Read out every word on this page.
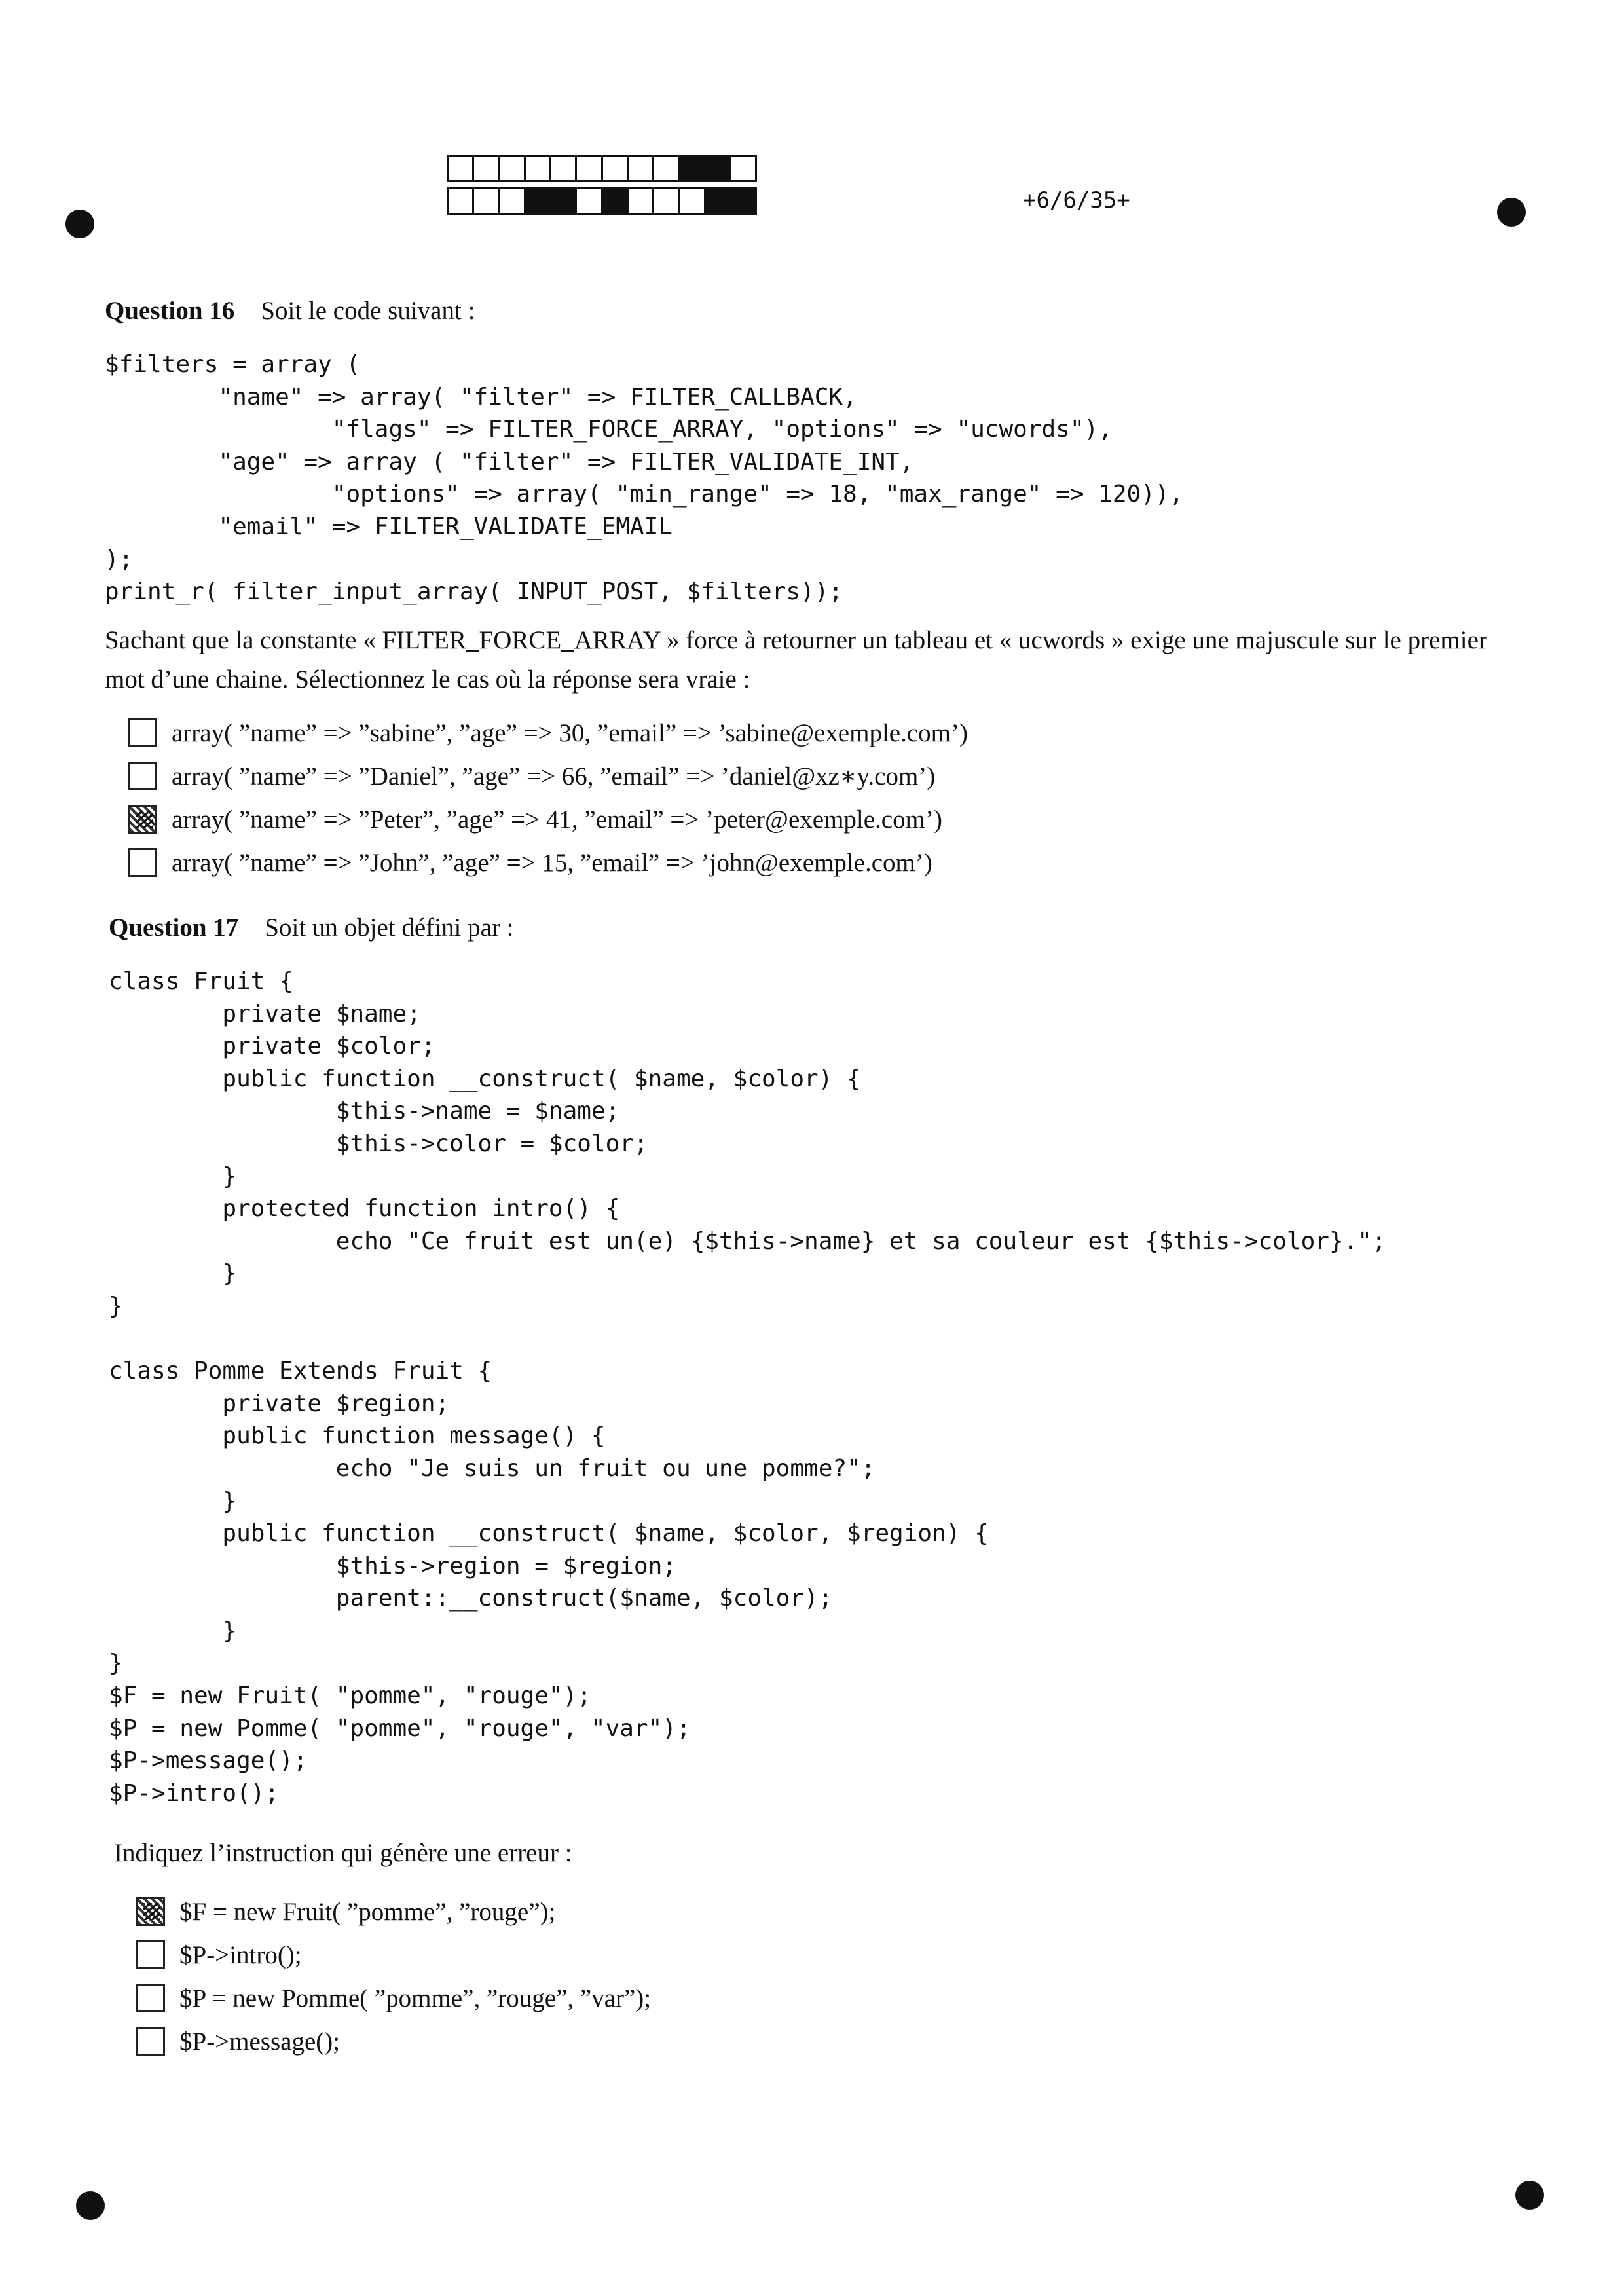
+6/6/35+
Question 16 Soit le code suivant :
$filters = array (
"name" => array( "filter" => FILTER_CALLBACK,
"flags" => FILTER_FORCE_ARRAY, "options" => "ucwords"),
"age" => array ( "filter" => FILTER_VALIDATE_INT,
"options" => array( "min_range" => 18, "max_range" => 120)),
"email" => FILTER_VALIDATE_EMAIL
);
print_r( filter_input_array( INPUT_POST, $filters));
Sachant que la constante « FILTER_FORCE_ARRAY » force à retourner un tableau et « ucwords » exige une majuscule sur le premier mot d’une chaine. Sélectionnez le cas où la réponse sera vraie :
array( ”name” => ”sabine”, ”age” => 30, ”email” => ’sabine@exemple.com’)
array( ”name” => ”Daniel”, ”age” => 66, ”email” => ’daniel@xz∗y.com’)
array( ”name” => ”Peter”, ”age” => 41, ”email” => ’peter@exemple.com’)
array( ”name” => ”John”, ”age” => 15, ”email” => ’john@exemple.com’)
Question 17 Soit un objet défini par :
class Fruit {
private $name;
private $color;
public function __construct( $name, $color) {
$this->name = $name;
$this->color = $color;
}
protected function intro() {
echo "Ce fruit est un(e) {$this->name} et sa couleur est {$this->color}.";
}
}

class Pomme Extends Fruit {
private $region;
public function message() {
echo "Je suis un fruit ou une pomme?";
}
public function __construct( $name, $color, $region) {
$this->region = $region;
parent::__construct($name, $color);
}
}
$F = new Fruit( "pomme", "rouge");
$P = new Pomme( "pomme", "rouge", "var");
$P->message();
$P->intro();
Indiquez l’instruction qui génère une erreur :
$F = new Fruit( ”pomme”, ”rouge”);
$P->intro();
$P = new Pomme( ”pomme”, ”rouge”, ”var”);
$P->message();
